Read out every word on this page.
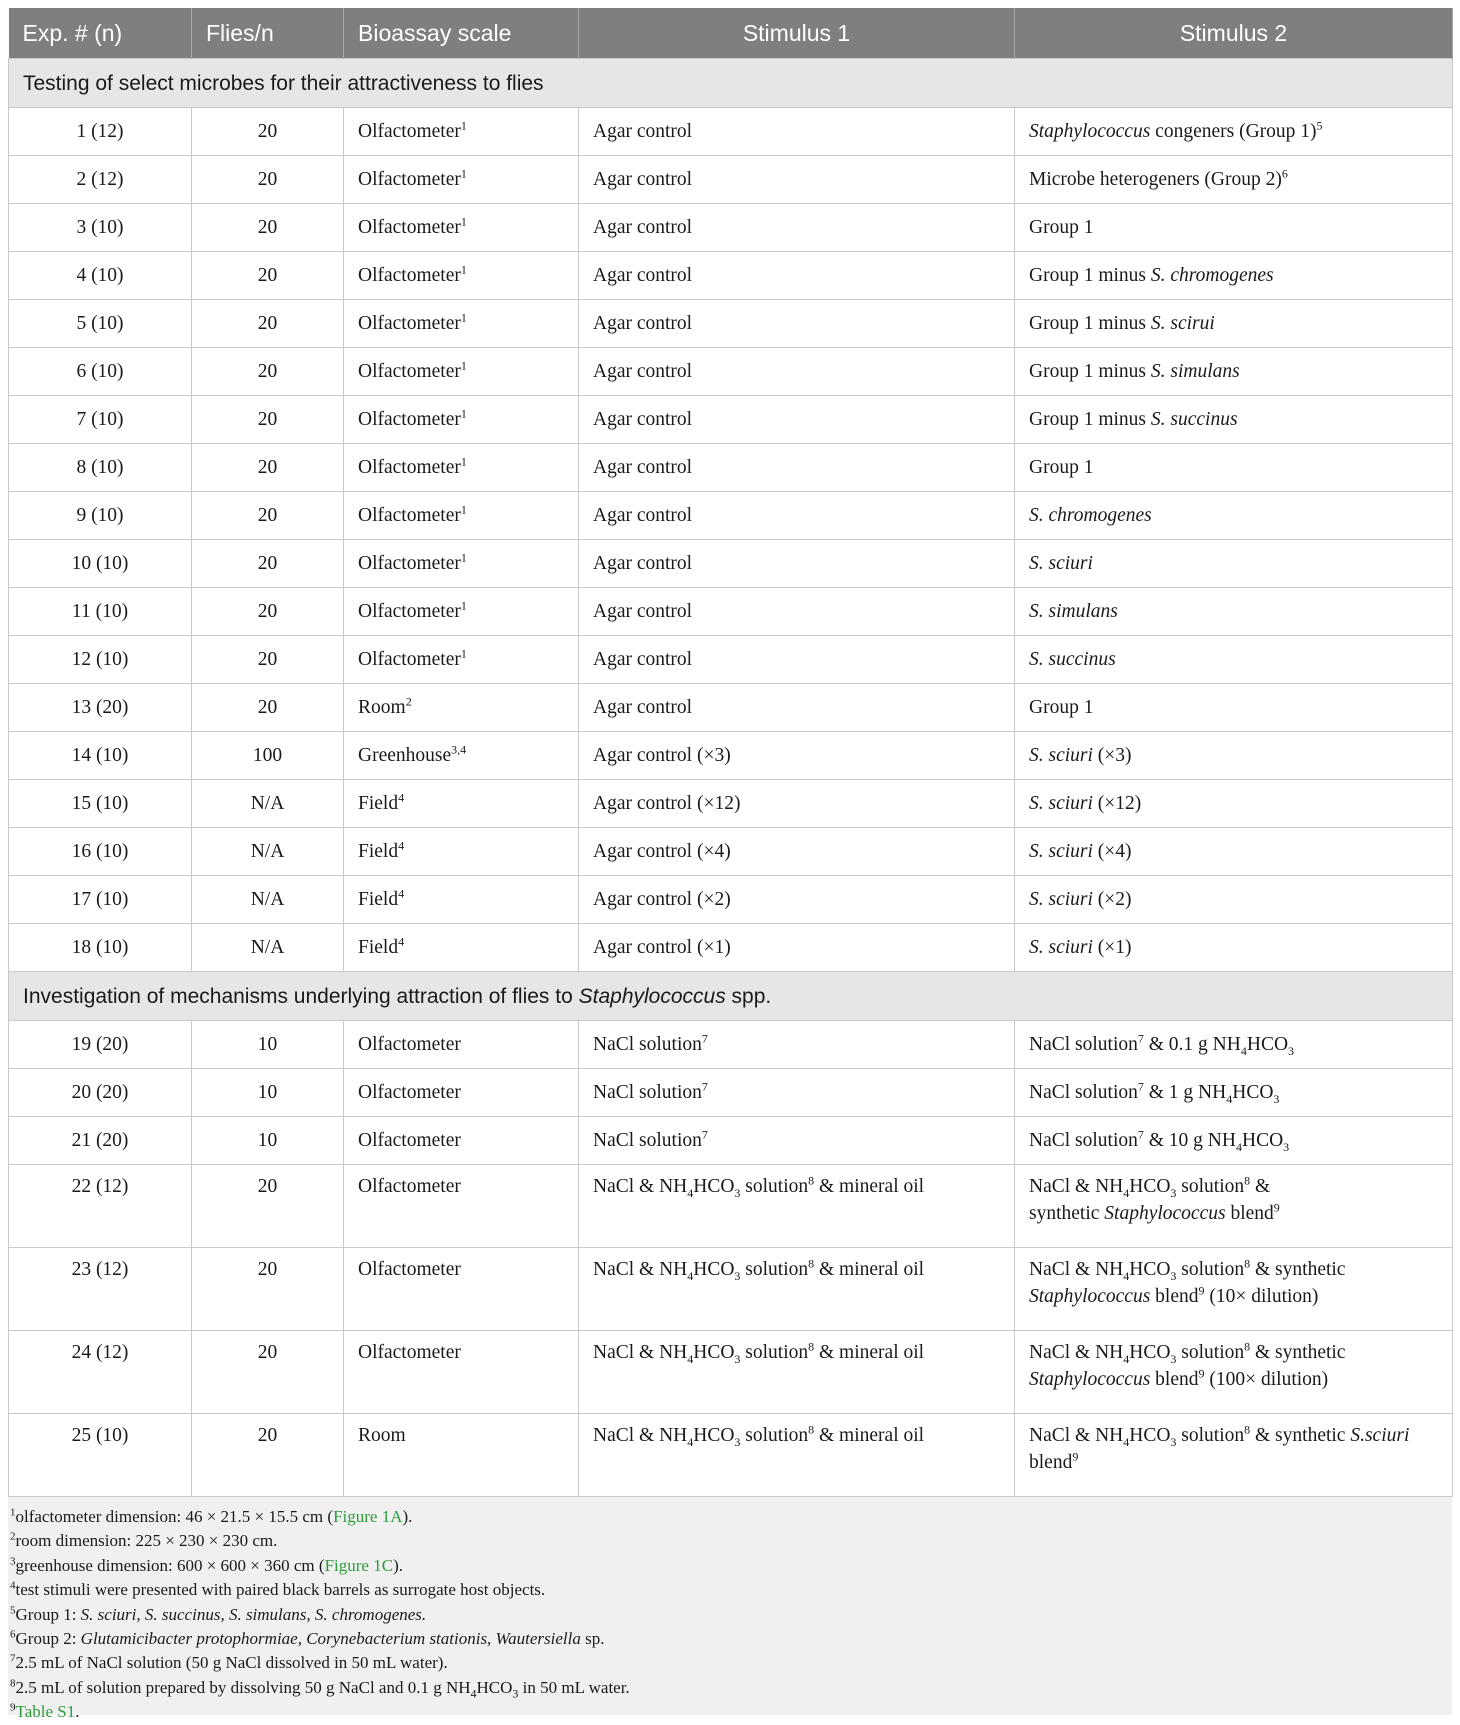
Exp. # (n)	Flies/n	Bioassay scale	Stimulus 1	Stimulus 2
Testing of select microbes for their attractiveness to flies				
1 (12)	20	Olfactometer$^1$	Agar control	Staphylococcus congeners (Group 1)$^5$
2 (12)	20	Olfactometer$^1$	Agar control	Microbe heterogeners (Group 2)$^6$
3 (10)	20	Olfactometer$^1$	Agar control	Group 1
4 (10)	20	Olfactometer$^1$	Agar control	Group 1 minus S. chromogenes
5 (10)	20	Olfactometer$^1$	Agar control	Group 1 minus S. scirui
6 (10)	20	Olfactometer$^1$	Agar control	Group 1 minus S. simulans
7 (10)	20	Olfactometer$^1$	Agar control	Group 1 minus S. succinus
8 (10)	20	Olfactometer$^1$	Agar control	Group 1
9 (10)	20	Olfactometer$^1$	Agar control	S. chromogenes
10 (10)	20	Olfactometer$^1$	Agar control	S. sciuri
11 (10)	20	Olfactometer$^1$	Agar control	S. simulans
12 (10)	20	Olfactometer$^1$	Agar control	S. succinus
13 (20)	20	Room$^2$	Agar control	Group 1
14 (10)	100	Greenhouse$^{3,4}$	Agar control (×3)	S. sciuri (×3)
15 (10)	N/A	Field$^4$	Agar control (×12)	S. sciuri (×12)
16 (10)	N/A	Field$^4$	Agar control (×4)	S. sciuri (×4)
17 (10)	N/A	Field$^4$	Agar control (×2)	S. sciuri (×2)
18 (10)	N/A	Field$^4$	Agar control (×1)	S. sciuri (×1)
Investigation of mechanisms underlying attraction of flies to Staphylococcus spp.				
19 (20)	10	Olfactometer	NaCl solution$^7$	NaCl solution$^7$ & 0.1 g $NH_4HCO_3$
20 (20)	10	Olfactometer	NaCl solution$^7$	NaCl solution$^7$ & 1 g $NH_4HCO_3$
21 (20)	10	Olfactometer	NaCl solution$^7$	NaCl solution$^7$ & 10 g $NH_4HCO_3$
22 (12)	20	Olfactometer	NaCl & $NH_4HCO_3$ solution$^8$ & mineral oil	NaCl & $NH_4HCO_3$ solution$^8$ &
synthetic Staphylococcus blend$^9$
23 (12)	20	Olfactometer	NaCl & $NH_4HCO_3$ solution$^8$ & mineral oil	NaCl & $NH_4HCO_3$ solution$^8$ & synthetic
Staphylococcus blend$^9$ (10× dilution)
24 (12)	20	Olfactometer	NaCl & $NH_4HCO_3$ solution$^8$ & mineral oil	NaCl & $NH_4HCO_3$ solution$^8$ & synthetic
Staphylococcus blend$^9$ (100× dilution)
25 (10)	20	Room	NaCl & $NH_4HCO_3$ solution$^8$ & mineral oil	NaCl & $NH_4HCO_3$ solution$^8$ & synthetic S.sciuri
blend$^9$
$^1$olfactometer dimension: 46 × 21.5 × 15.5 cm (Figure 1A).
$^2$room dimension: 225 × 230 × 230 cm.
$^3$greenhouse dimension: 600 × 600 × 360 cm (Figure 1C).
$^4$test stimuli were presented with paired black barrels as surrogate host objects.
$^5$Group 1: S. sciuri, S. succinus, S. simulans, S. chromogenes.
$^6$Group 2: Glutamicibacter protophormiae, Corynebacterium stationis, Wautersiella sp.
$^7$2.5 mL of NaCl solution (50 g NaCl dissolved in 50 mL water).
$^8$2.5 mL of solution prepared by dissolving 50 g NaCl and 0.1 g $NH_4HCO_3$ in 50 mL water.
$^9$Table S1.
